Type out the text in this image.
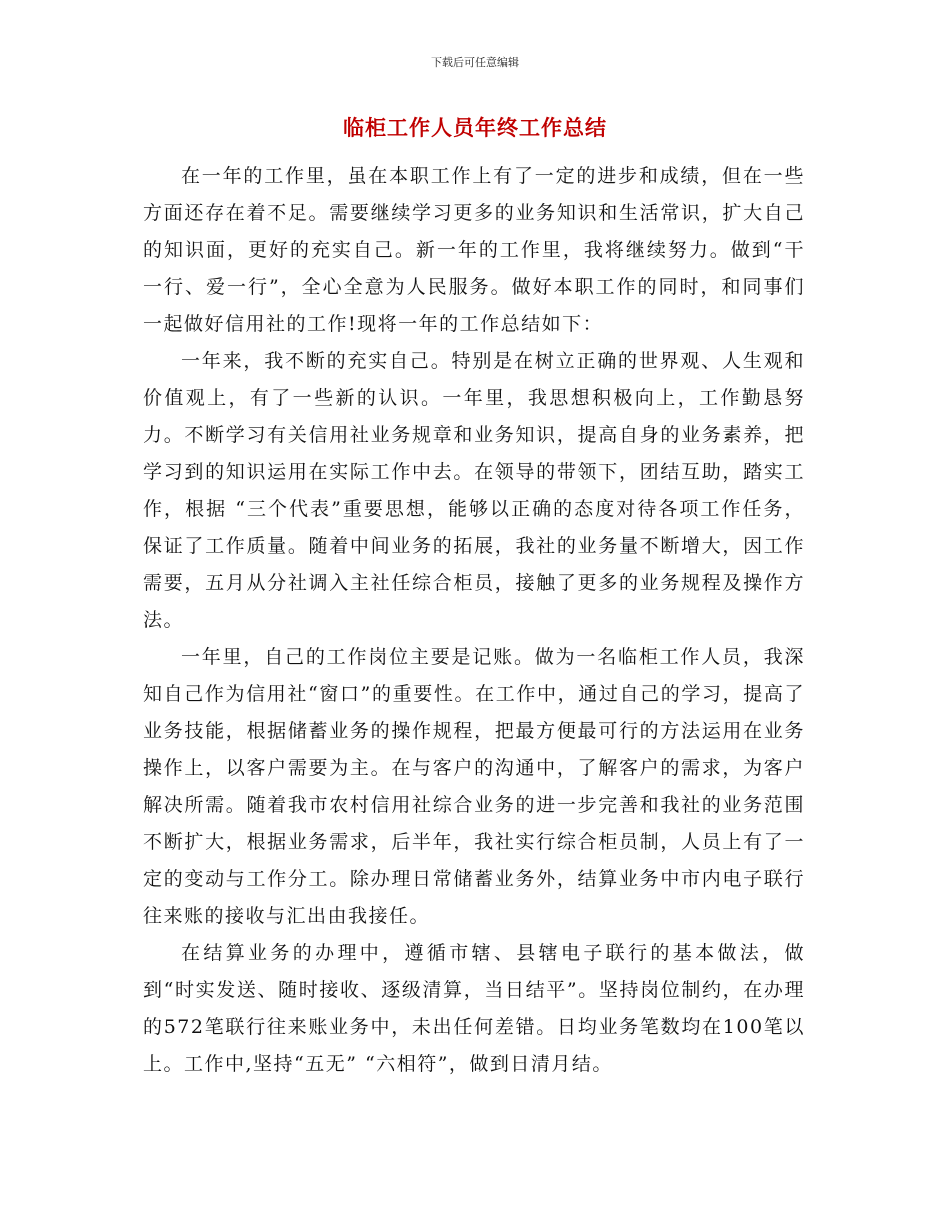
下载后可任意编辑
临柜工作人员年终工作总结

在一年的工作里，虽在本职工作上有了一定的进步和成绩，但在一些方面还存在着不足。需要继续学习更多的业务知识和生活常识，扩大自己的知识面，更好的充实自己。新一年的工作里，我将继续努力。做到“干一行、爱一行”，全心全意为人民服务。做好本职工作的同时，和同事们一起做好信用社的工作!现将一年的工作总结如下：

一年来，我不断的充实自己。特别是在树立正确的世界观、人生观和价值观上，有了一些新的认识。一年里，我思想积极向上，工作勤恳努力。不断学习有关信用社业务规章和业务知识，提高自身的业务素养，把学习到的知识运用在实际工作中去。在领导的带领下，团结互助，踏实工作，根据 “三个代表”重要思想，能够以正确的态度对待各项工作任务，保证了工作质量。随着中间业务的拓展，我社的业务量不断增大，因工作需要，五月从分社调入主社任综合柜员，接触了更多的业务规程及操作方法。

一年里，自己的工作岗位主要是记账。做为一名临柜工作人员，我深知自己作为信用社“窗口”的重要性。在工作中，通过自己的学习，提高了业务技能，根据储蓄业务的操作规程，把最方便最可行的方法运用在业务操作上，以客户需要为主。在与客户的沟通中，了解客户的需求，为客户解决所需。随着我市农村信用社综合业务的进一步完善和我社的业务范围不断扩大，根据业务需求，后半年，我社实行综合柜员制，人员上有了一定的变动与工作分工。除办理日常储蓄业务外，结算业务中市内电子联行往来账的接收与汇出由我接任。

在结算业务的办理中，遵循市辖、县辖电子联行的基本做法，做到“时实发送、随时接收、逐级清算，当日结平”。坚持岗位制约，在办理的572笔联行往来账业务中，未出任何差错。日均业务笔数均在100笔以上。工作中,坚持“五无” “六相符”，做到日清月结。
